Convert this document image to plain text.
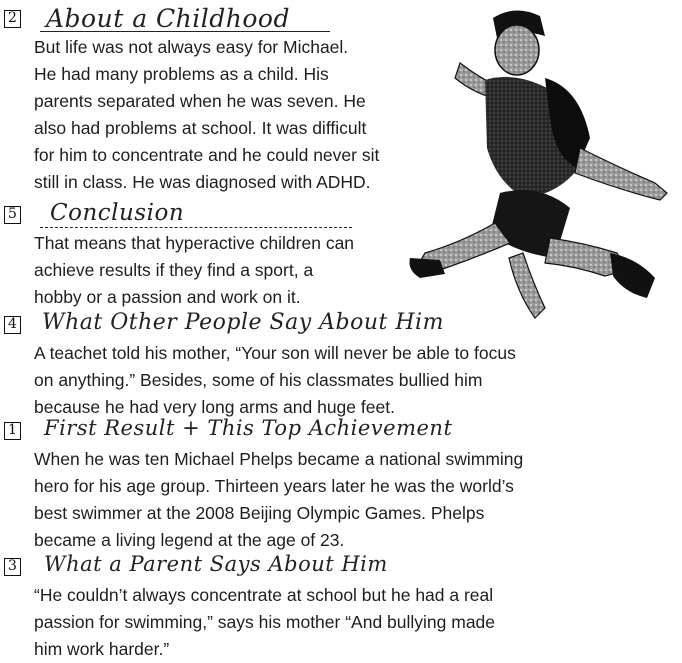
2 About a Childhood
But life was not always easy for Michael.
He had many problems as a child. His
parents separated when he was seven. He
also had problems at school. It was difficult
for him to concentrate and he could never sit
still in class. He was diagnosed with ADHD.
5 Conclusion
That means that hyperactive children can
achieve results if they find a sport, a
hobby or a passion and work on it.
4 What Other People Say About Him
A teachet told his mother, “Your son will never be able to focus
on anything.” Besides, some of his classmates bullied him
because he had very long arms and huge feet.
1 First Result + This Top Achievement
When he was ten Michael Phelps became a national swimming
hero for his age group. Thirteen years later he was the world’s
best swimmer at the 2008 Beijing Olympic Games. Phelps
became a living legend at the age of 23.
3 What a Parent Says About Him
“He couldn’t always concentrate at school but he had a real
passion for swimming,” says his mother “And bullying made
him work harder.”
